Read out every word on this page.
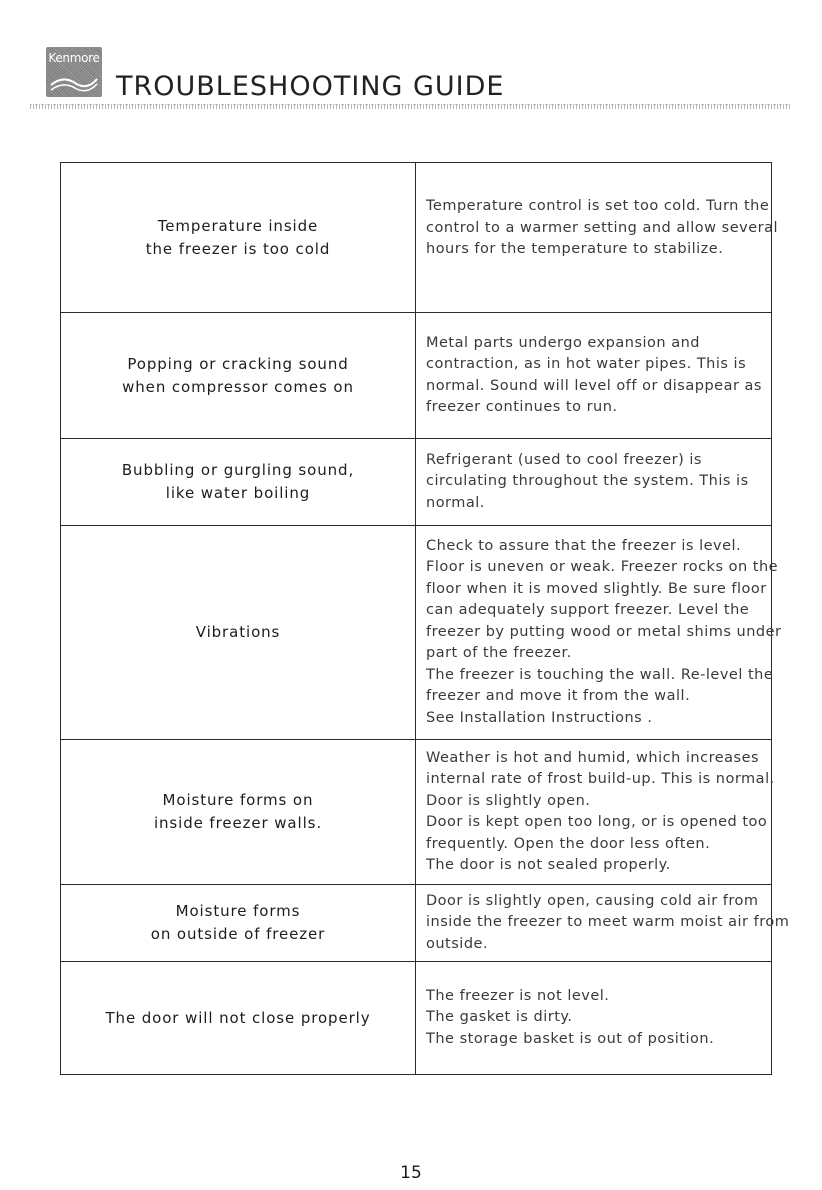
Kenmore
TROUBLESHOOTING GUIDE
Temperature inside
the freezer is too cold
Temperature control is set too cold. Turn the
control to a warmer setting and allow several
hours for the temperature to stabilize.
Popping or cracking sound
when compressor comes on
Metal parts undergo expansion and
contraction, as in hot water pipes. This is
normal. Sound will level off or disappear as
freezer continues to run.
Bubbling or gurgling sound,
like water boiling
Refrigerant (used to cool freezer) is
circulating throughout the system. This is
normal.
Vibrations
Check to assure that the freezer is level.
Floor is uneven or weak. Freezer rocks on the
floor when it is moved slightly. Be sure floor
can adequately support freezer. Level the
freezer by putting wood or metal shims under
part of the freezer.
The freezer is touching the wall. Re-level the
freezer and move it from the wall.
See Installation Instructions .
Moisture forms on
inside freezer walls.
Weather is hot and humid, which increases
internal rate of frost build-up. This is normal.
Door is slightly open.
Door is kept open too long, or is opened too
frequently. Open the door less often.
The door is not sealed properly.
Moisture forms
on outside of freezer
Door is slightly open, causing cold air from
inside the freezer to meet warm moist air from
outside.
The door will not close properly
The freezer is not level.
The gasket is dirty.
The storage basket is out of position.
15
